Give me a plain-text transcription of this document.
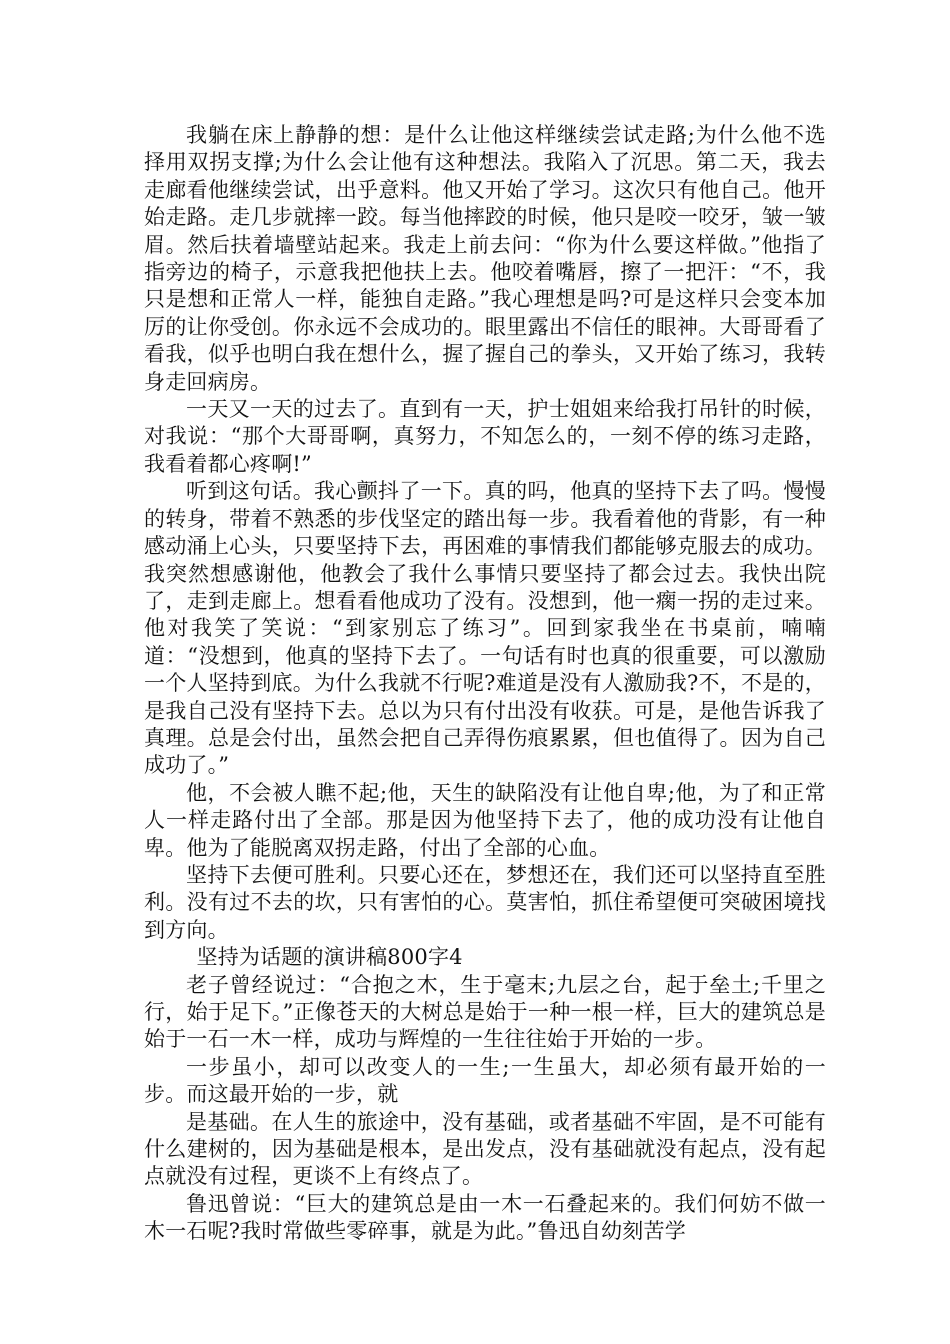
我躺在床上静静的想：是什么让他这样继续尝试走路;为什么他不选择用双拐支撑;为什么会让他有这种想法。我陷入了沉思。第二天，我去走廊看他继续尝试，出乎意料。他又开始了学习。这次只有他自己。他开始走路。走几步就摔一跤。每当他摔跤的时候，他只是咬一咬牙，皱一皱眉。然后扶着墙壁站起来。我走上前去问：“你为什么要这样做。”他指了指旁边的椅子，示意我把他扶上去。他咬着嘴唇，擦了一把汗：“不，我只是想和正常人一样，能独自走路。”我心理想是吗?可是这样只会变本加厉的让你受创。你永远不会成功的。眼里露出不信任的眼神。大哥哥看了看我，似乎也明白我在想什么，握了握自己的拳头，又开始了练习，我转身走回病房。

一天又一天的过去了。直到有一天，护士姐姐来给我打吊针的时候，对我说：“那个大哥哥啊，真努力，不知怎么的，一刻不停的练习走路，我看着都心疼啊!”

听到这句话。我心颤抖了一下。真的吗，他真的坚持下去了吗。慢慢的转身，带着不熟悉的步伐坚定的踏出每一步。我看着他的背影，有一种感动涌上心头，只要坚持下去，再困难的事情我们都能够克服去的成功。我突然想感谢他，他教会了我什么事情只要坚持了都会过去。我快出院了，走到走廊上。想看看他成功了没有。没想到，他一瘸一拐的走过来。他对我笑了笑说：“到家别忘了练习”。回到家我坐在书桌前，喃喃道：“没想到，他真的坚持下去了。一句话有时也真的很重要，可以激励一个人坚持到底。为什么我就不行呢?难道是没有人激励我?不，不是的，是我自己没有坚持下去。总以为只有付出没有收获。可是，是他告诉我了真理。总是会付出，虽然会把自己弄得伤痕累累，但也值得了。因为自己成功了。”

他，不会被人瞧不起;他，天生的缺陷没有让他自卑;他，为了和正常人一样走路付出了全部。那是因为他坚持下去了，他的成功没有让他自卑。他为了能脱离双拐走路，付出了全部的心血。

坚持下去便可胜利。只要心还在，梦想还在，我们还可以坚持直至胜利。没有过不去的坎，只有害怕的心。莫害怕，抓住希望便可突破困境找到方向。

坚持为话题的演讲稿800字4

老子曾经说过：“合抱之木，生于毫末;九层之台，起于垒土;千里之行，始于足下。”正像苍天的大树总是始于一种一根一样，巨大的建筑总是始于一石一木一样，成功与辉煌的一生往往始于开始的一步。

一步虽小，却可以改变人的一生;一生虽大，却必须有最开始的一步。而这最开始的一步，就

是基础。在人生的旅途中，没有基础，或者基础不牢固，是不可能有什么建树的，因为基础是根本，是出发点，没有基础就没有起点，没有起点就没有过程，更谈不上有终点了。

鲁迅曾说：“巨大的建筑总是由一木一石叠起来的。我们何妨不做一木一石呢?我时常做些零碎事，就是为此。”鲁迅自幼刻苦学
